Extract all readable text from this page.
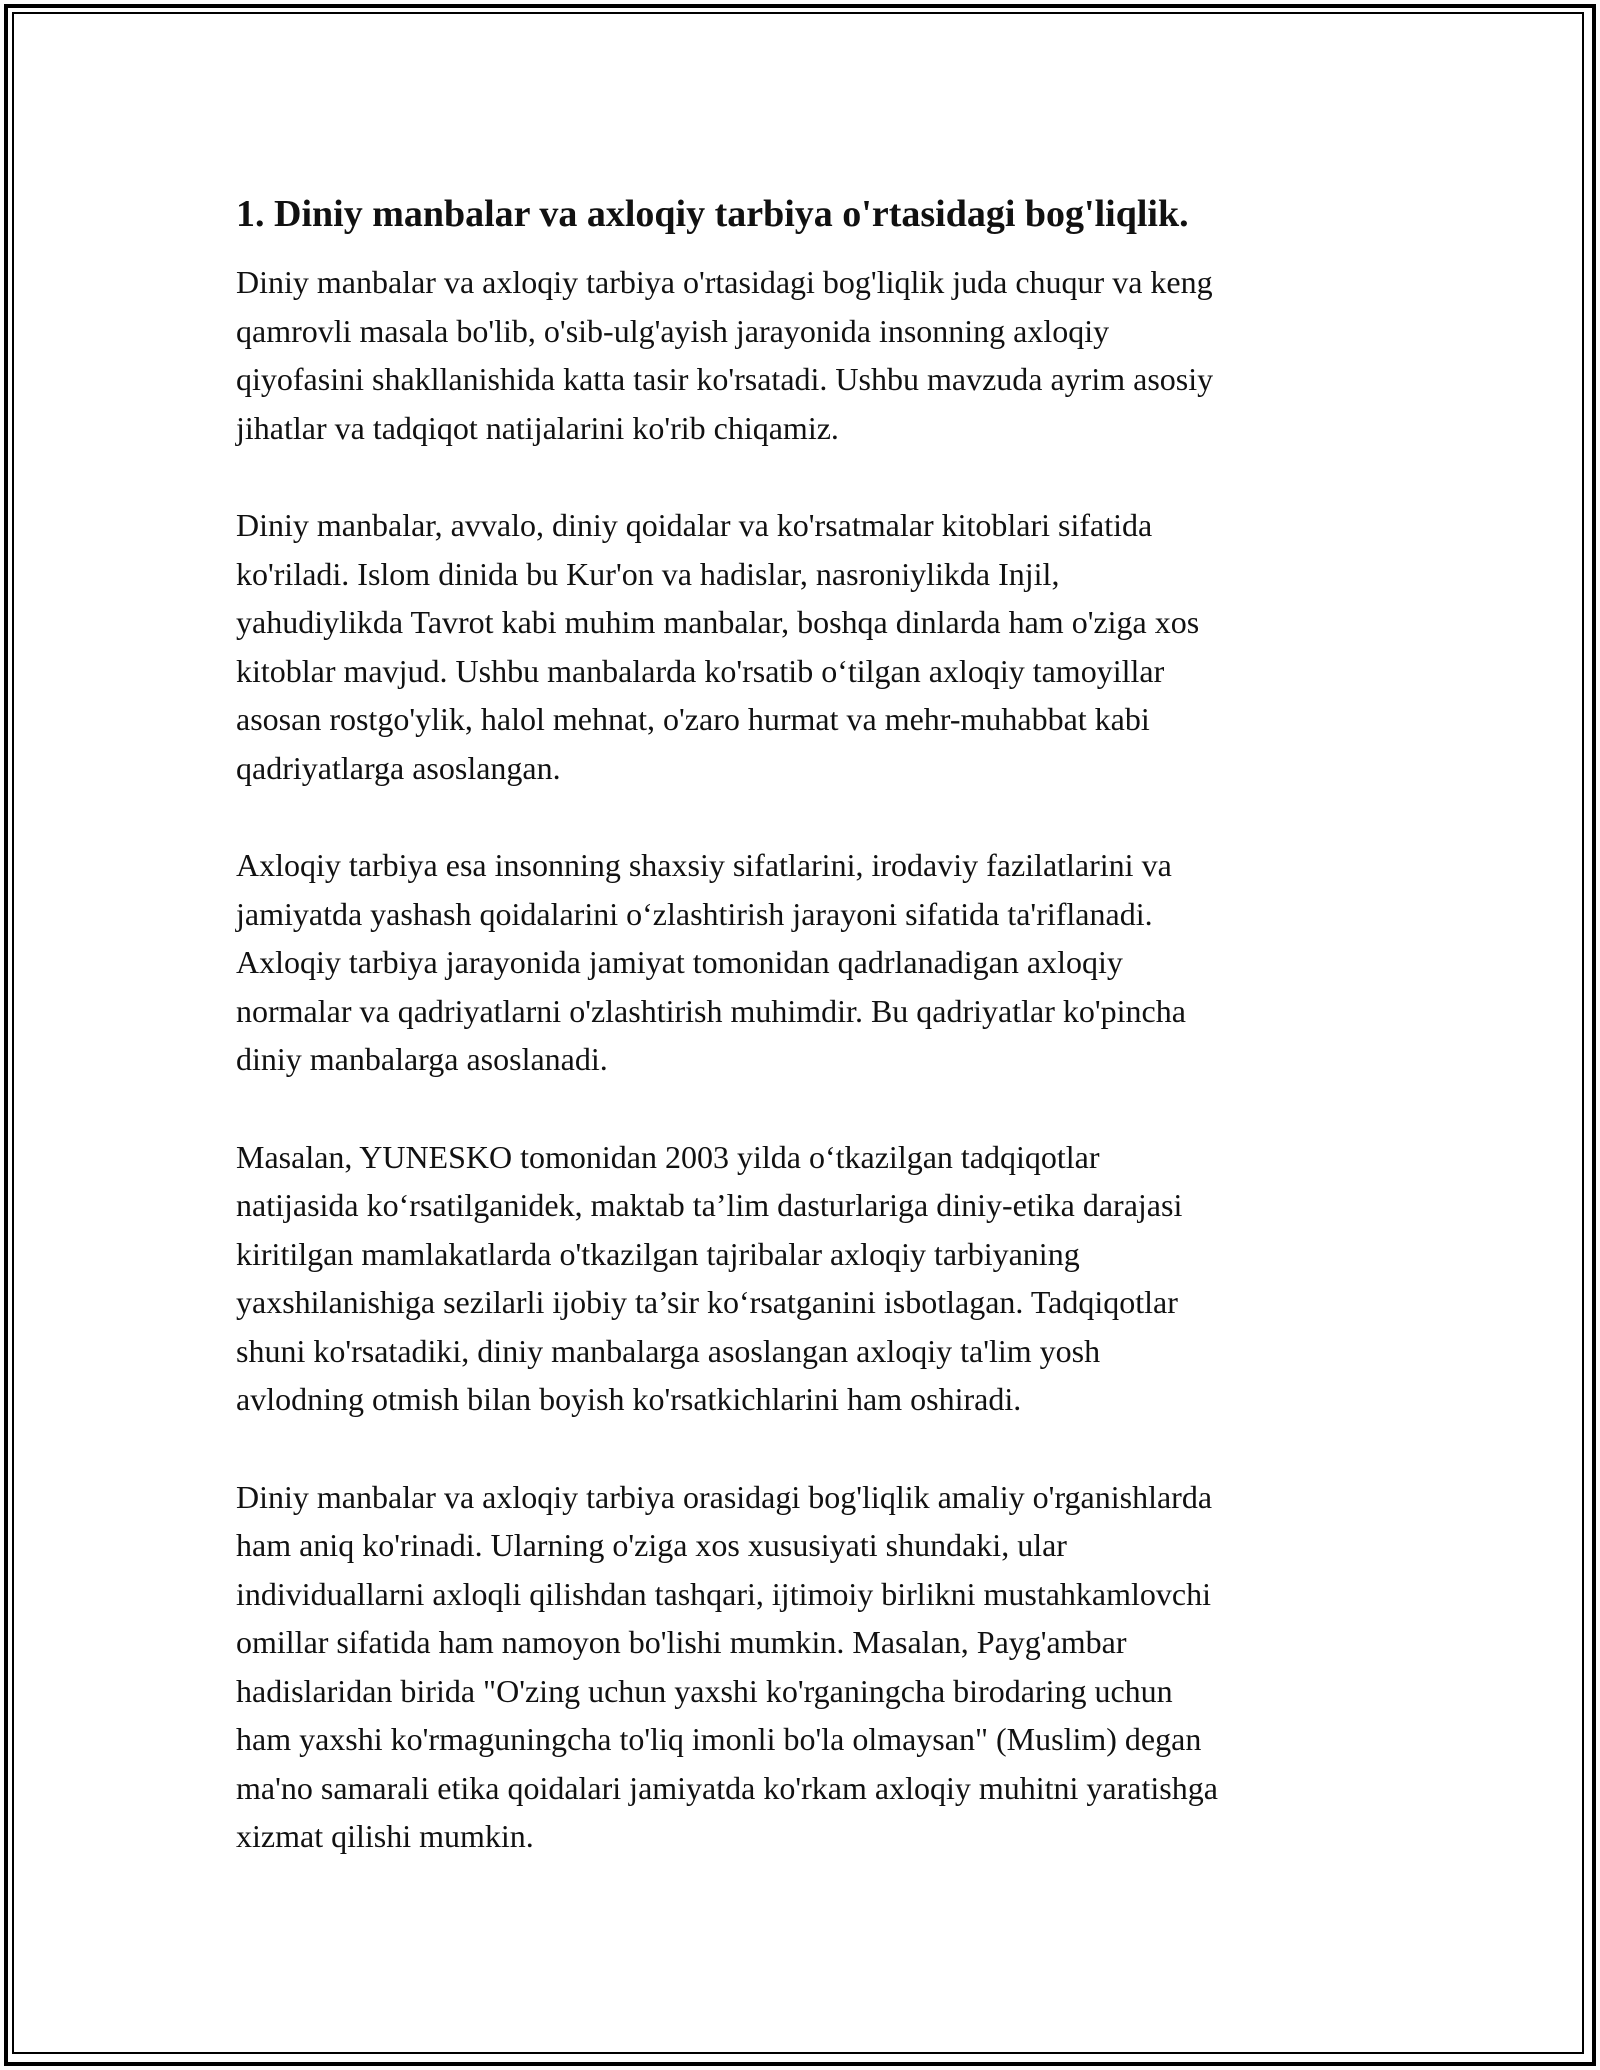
1. Diniy manbalar va axloqiy tarbiya o'rtasidagi bog'liqlik.

Diniy manbalar va axloqiy tarbiya o'rtasidagi bog'liqlik juda chuqur va keng
qamrovli masala bo'lib, o'sib-ulg'ayish jarayonida insonning axloqiy
qiyofasini shakllanishida katta tasir ko'rsatadi. Ushbu mavzuda ayrim asosiy
jihatlar va tadqiqot natijalarini ko'rib chiqamiz.

Diniy manbalar, avvalo, diniy qoidalar va ko'rsatmalar kitoblari sifatida
ko'riladi. Islom dinida bu Kur'on va hadislar, nasroniylikda Injil,
yahudiylikda Tavrot kabi muhim manbalar, boshqa dinlarda ham o'ziga xos
kitoblar mavjud. Ushbu manbalarda ko'rsatib o‘tilgan axloqiy tamoyillar
asosan rostgo'ylik, halol mehnat, o'zaro hurmat va mehr-muhabbat kabi
qadriyatlarga asoslangan.

Axloqiy tarbiya esa insonning shaxsiy sifatlarini, irodaviy fazilatlarini va
jamiyatda yashash qoidalarini o‘zlashtirish jarayoni sifatida ta'riflanadi.
Axloqiy tarbiya jarayonida jamiyat tomonidan qadrlanadigan axloqiy
normalar va qadriyatlarni o'zlashtirish muhimdir. Bu qadriyatlar ko'pincha
diniy manbalarga asoslanadi.

Masalan, YUNESKO tomonidan 2003 yilda o‘tkazilgan tadqiqotlar
natijasida ko‘rsatilganidek, maktab ta’lim dasturlariga diniy-etika darajasi
kiritilgan mamlakatlarda o'tkazilgan tajribalar axloqiy tarbiyaning
yaxshilanishiga sezilarli ijobiy ta’sir ko‘rsatganini isbotlagan. Tadqiqotlar
shuni ko'rsatadiki, diniy manbalarga asoslangan axloqiy ta'lim yosh
avlodning otmish bilan boyish ko'rsatkichlarini ham oshiradi.

Diniy manbalar va axloqiy tarbiya orasidagi bog'liqlik amaliy o'rganishlarda
ham aniq ko'rinadi. Ularning o'ziga xos xususiyati shundaki, ular
individuallarni axloqli qilishdan tashqari, ijtimoiy birlikni mustahkamlovchi
omillar sifatida ham namoyon bo'lishi mumkin. Masalan, Payg'ambar
hadislaridan birida "O'zing uchun yaxshi ko'rganingcha birodaring uchun
ham yaxshi ko'rmaguningcha to'liq imonli bo'la olmaysan" (Muslim) degan
ma'no samarali etika qoidalari jamiyatda ko'rkam axloqiy muhitni yaratishga
xizmat qilishi mumkin.
